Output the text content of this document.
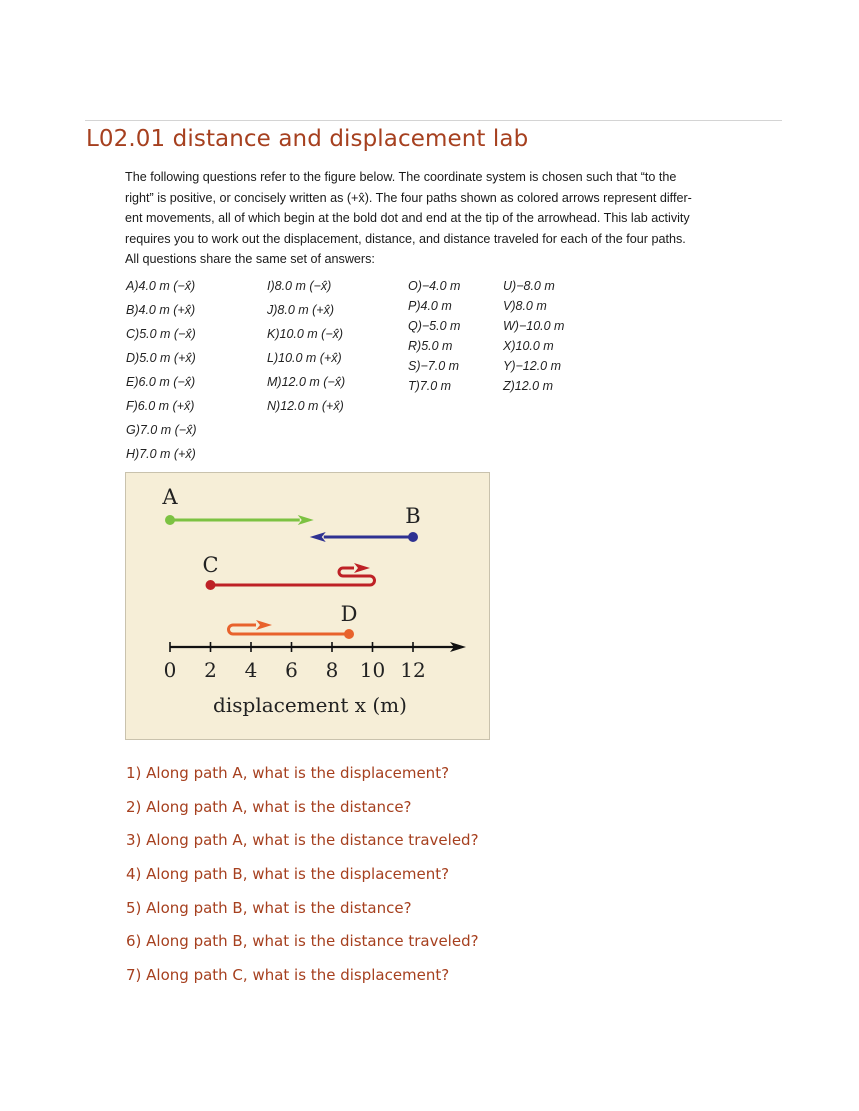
L02.01 distance and displacement lab
The following questions refer to the figure below. The coordinate system is chosen such that “to the
right” is positive, or concisely written as (+x̂). The four paths shown as colored arrows represent differ-
ent movements, all of which begin at the bold dot and end at the tip of the arrowhead. This lab activity
requires you to work out the displacement, distance, and distance traveled for each of the four paths.
All questions share the same set of answers:
A)4.0 m (−x̂)
B)4.0 m (+x̂)
C)5.0 m (−x̂)
D)5.0 m (+x̂)
E)6.0 m (−x̂)
F)6.0 m (+x̂)
G)7.0 m (−x̂)
H)7.0 m (+x̂)
I)8.0 m (−x̂)
J)8.0 m (+x̂)
K)10.0 m (−x̂)
L)10.0 m (+x̂)
M)12.0 m (−x̂)
N)12.0 m (+x̂)
O)−4.0 m
P)4.0 m
Q)−5.0 m
R)5.0 m
S)−7.0 m
T)7.0 m
U)−8.0 m
V)8.0 m
W)−10.0 m
X)10.0 m
Y)−12.0 m
Z)12.0 m
0 2 4 6 8 10 12
displacement x (m)
A
B
C
D
1) Along path A, what is the displacement?
2) Along path A, what is the distance?
3) Along path A, what is the distance traveled?
4) Along path B, what is the displacement?
5) Along path B, what is the distance?
6) Along path B, what is the distance traveled?
7) Along path C, what is the displacement?
